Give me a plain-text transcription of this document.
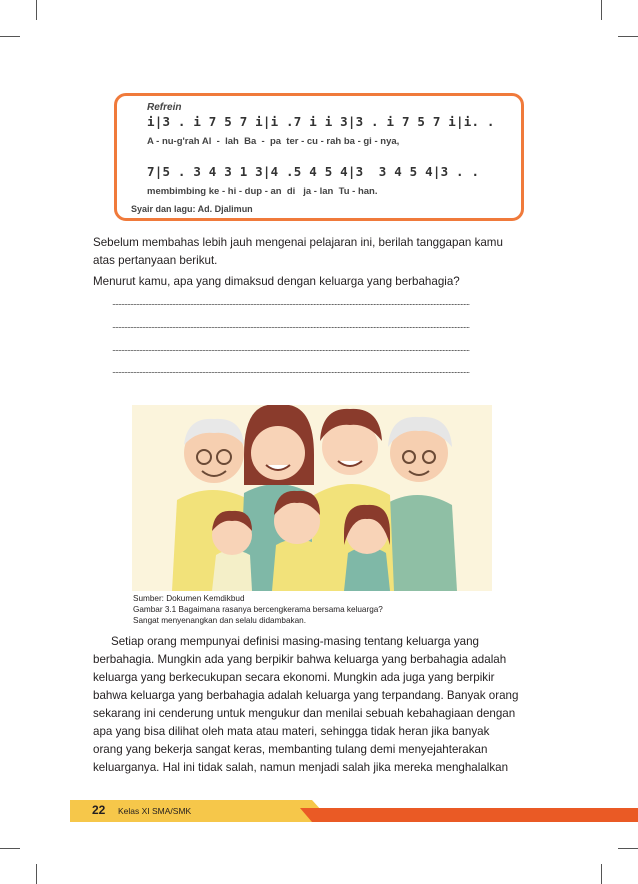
Refrein
i|3 . i 7 5 7 i|i .7 i i 3|3 . i 7 5 7 i|i. .
A - nu-g'rah Al  -  lah  Ba  -  pa  ter - cu - rah ba - gi - nya,
7|5 . 3 4 3 1 3|4 .5 4 5 4|3  3 4 5 4|3 . .
membimbing ke - hi - dup - an  di   ja - lan  Tu - han.
Syair dan lagu: Ad. Djalimun
Sebelum membahas lebih jauh mengenai pelajaran ini, berilah tanggapan kamu
atas pertanyaan berikut.
Menurut kamu, apa yang dimaksud dengan keluarga yang berbahagia?
..............................................................................................................................................................................................................................................
..............................................................................................................................................................................................................................................
..............................................................................................................................................................................................................................................
..............................................................................................................................................................................................................................................
Sumber: Dokumen Kemdikbud
Gambar 3.1 Bagaimana rasanya bercengkerama bersama keluarga?
Sangat menyenangkan dan selalu didambakan.
Setiap orang mempunyai definisi masing-masing tentang keluarga yang
berbahagia. Mungkin ada yang berpikir bahwa keluarga yang berbahagia adalah
keluarga yang berkecukupan secara ekonomi. Mungkin ada juga yang berpikir
bahwa keluarga yang berbahagia adalah keluarga yang terpandang. Banyak orang
sekarang ini cenderung untuk mengukur dan menilai sebuah kebahagiaan dengan
apa yang bisa dilihat oleh mata atau materi, sehingga tidak heran jika banyak
orang yang bekerja sangat keras, membanting tulang demi menyejahterakan
keluarganya. Hal ini tidak salah, namun menjadi salah jika mereka menghalalkan
22 Kelas XI SMA/SMK
